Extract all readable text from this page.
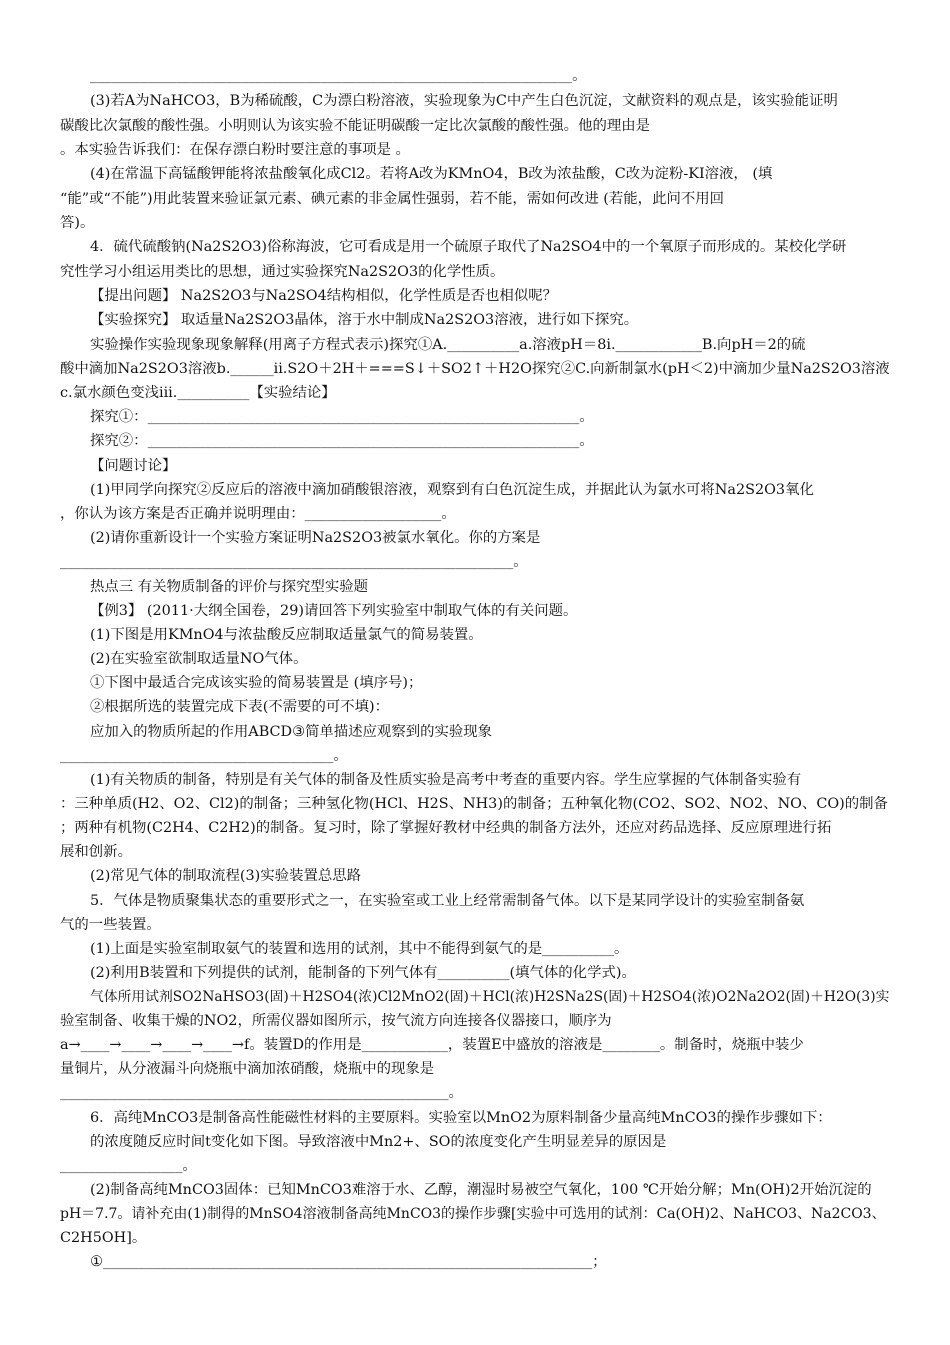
___________________________________________________________________。
(3)若A为NaHCO3，B为稀硫酸，C为漂白粉溶液，实验现象为C中产生白色沉淀，文献资料的观点是，该实验能证明
碳酸比次氯酸的酸性强。小明则认为该实验不能证明碳酸一定比次氯酸的酸性强。他的理由是
。本实验告诉我们：在保存漂白粉时要注意的事项是 。
(4)在常温下高锰酸钾能将浓盐酸氧化成Cl2。若将A改为KMnO4，B改为浓盐酸，C改为淀粉-KI溶液， (填
“能”或“不能”)用此装置来验证氯元素、碘元素的非金属性强弱，若不能，需如何改进 (若能，此问不用回
答)。
4．硫代硫酸钠(Na2S2O3)俗称海波，它可看成是用一个硫原子取代了Na2SO4中的一个氧原子而形成的。某校化学研
究性学习小组运用类比的思想，通过实验探究Na2S2O3的化学性质。
【提出问题】 Na2S2O3与Na2SO4结构相似，化学性质是否也相似呢？
【实验探究】 取适量Na2S2O3晶体，溶于水中制成Na2S2O3溶液，进行如下探究。
实验操作实验现象现象解释(用离子方程式表示)探究①A.__________a.溶液pH＝8i.____________B.向pH＝2的硫
酸中滴加Na2S2O3溶液b.______ii.S2O＋2H＋===S↓＋SO2↑＋H2O探究②C.向新制氯水(pH＜2)中滴加少量Na2S2O3溶液
c.氯水颜色变浅iii.__________【实验结论】
探究①：____________________________________________________________。
探究②：____________________________________________________________。
【问题讨论】
(1)甲同学向探究②反应后的溶液中滴加硝酸银溶液，观察到有白色沉淀生成，并据此认为氯水可将Na2S2O3氧化
，你认为该方案是否正确并说明理由：___________________。
(2)请你重新设计一个实验方案证明Na2S2O3被氯水氧化。你的方案是
_______________________________________________________________。
热点三 有关物质制备的评价与探究型实验题
【例3】 (2011·大纲全国卷，29)请回答下列实验室中制取气体的有关问题。
(1)下图是用KMnO4与浓盐酸反应制取适量氯气的简易装置。
(2)在实验室欲制取适量NO气体。
①下图中最适合完成该实验的简易装置是 (填序号)；
②根据所选的装置完成下表(不需要的可不填)：
应加入的物质所起的作用ABCD③简单描述应观察到的实验现象
______________________________________。
(1)有关物质的制备，特别是有关气体的制备及性质实验是高考中考查的重要内容。学生应掌握的气体制备实验有
：三种单质(H2、O2、Cl2)的制备；三种氢化物(HCl、H2S、NH3)的制备；五种氧化物(CO2、SO2、NO2、NO、CO)的制备
；两种有机物(C2H4、C2H2)的制备。复习时，除了掌握好教材中经典的制备方法外，还应对药品选择、反应原理进行拓
展和创新。
(2)常见气体的制取流程(3)实验装置总思路
5．气体是物质聚集状态的重要形式之一，在实验室或工业上经常需制备气体。以下是某同学设计的实验室制备氨
气的一些装置。
(1)上面是实验室制取氨气的装置和选用的试剂，其中不能得到氨气的是__________。
(2)利用B装置和下列提供的试剂，能制备的下列气体有__________(填气体的化学式)。
气体所用试剂SO2NaHSO3(固)＋H2SO4(浓)Cl2MnO2(固)＋HCl(浓)H2SNa2S(固)＋H2SO4(浓)O2Na2O2(固)＋H2O(3)实
验室制备、收集干燥的NO2，所需仪器如图所示，按气流方向连接各仪器接口，顺序为
a→____→____→____→____→f。装置D的作用是____________，装置E中盛放的溶液是________。制备时，烧瓶中装少
量铜片，从分液漏斗向烧瓶中滴加浓硝酸，烧瓶中的现象是
______________________________________________________。
6．高纯MnCO3是制备高性能磁性材料的主要原料。实验室以MnO2为原料制备少量高纯MnCO3的操作步骤如下：
的浓度随反应时间t变化如下图。导致溶液中Mn2+、SO的浓度变化产生明显差异的原因是
_________________。
(2)制备高纯MnCO3固体：已知MnCO3难溶于水、乙醇，潮湿时易被空气氧化，100 ℃开始分解；Mn(OH)2开始沉淀的
pH＝7.7。请补充由(1)制得的MnSO4溶液制备高纯MnCO3的操作步骤[实验中可选用的试剂：Ca(OH)2、NaHCO3、Na2CO3、
C2H5OH]。
①____________________________________________________________________；
